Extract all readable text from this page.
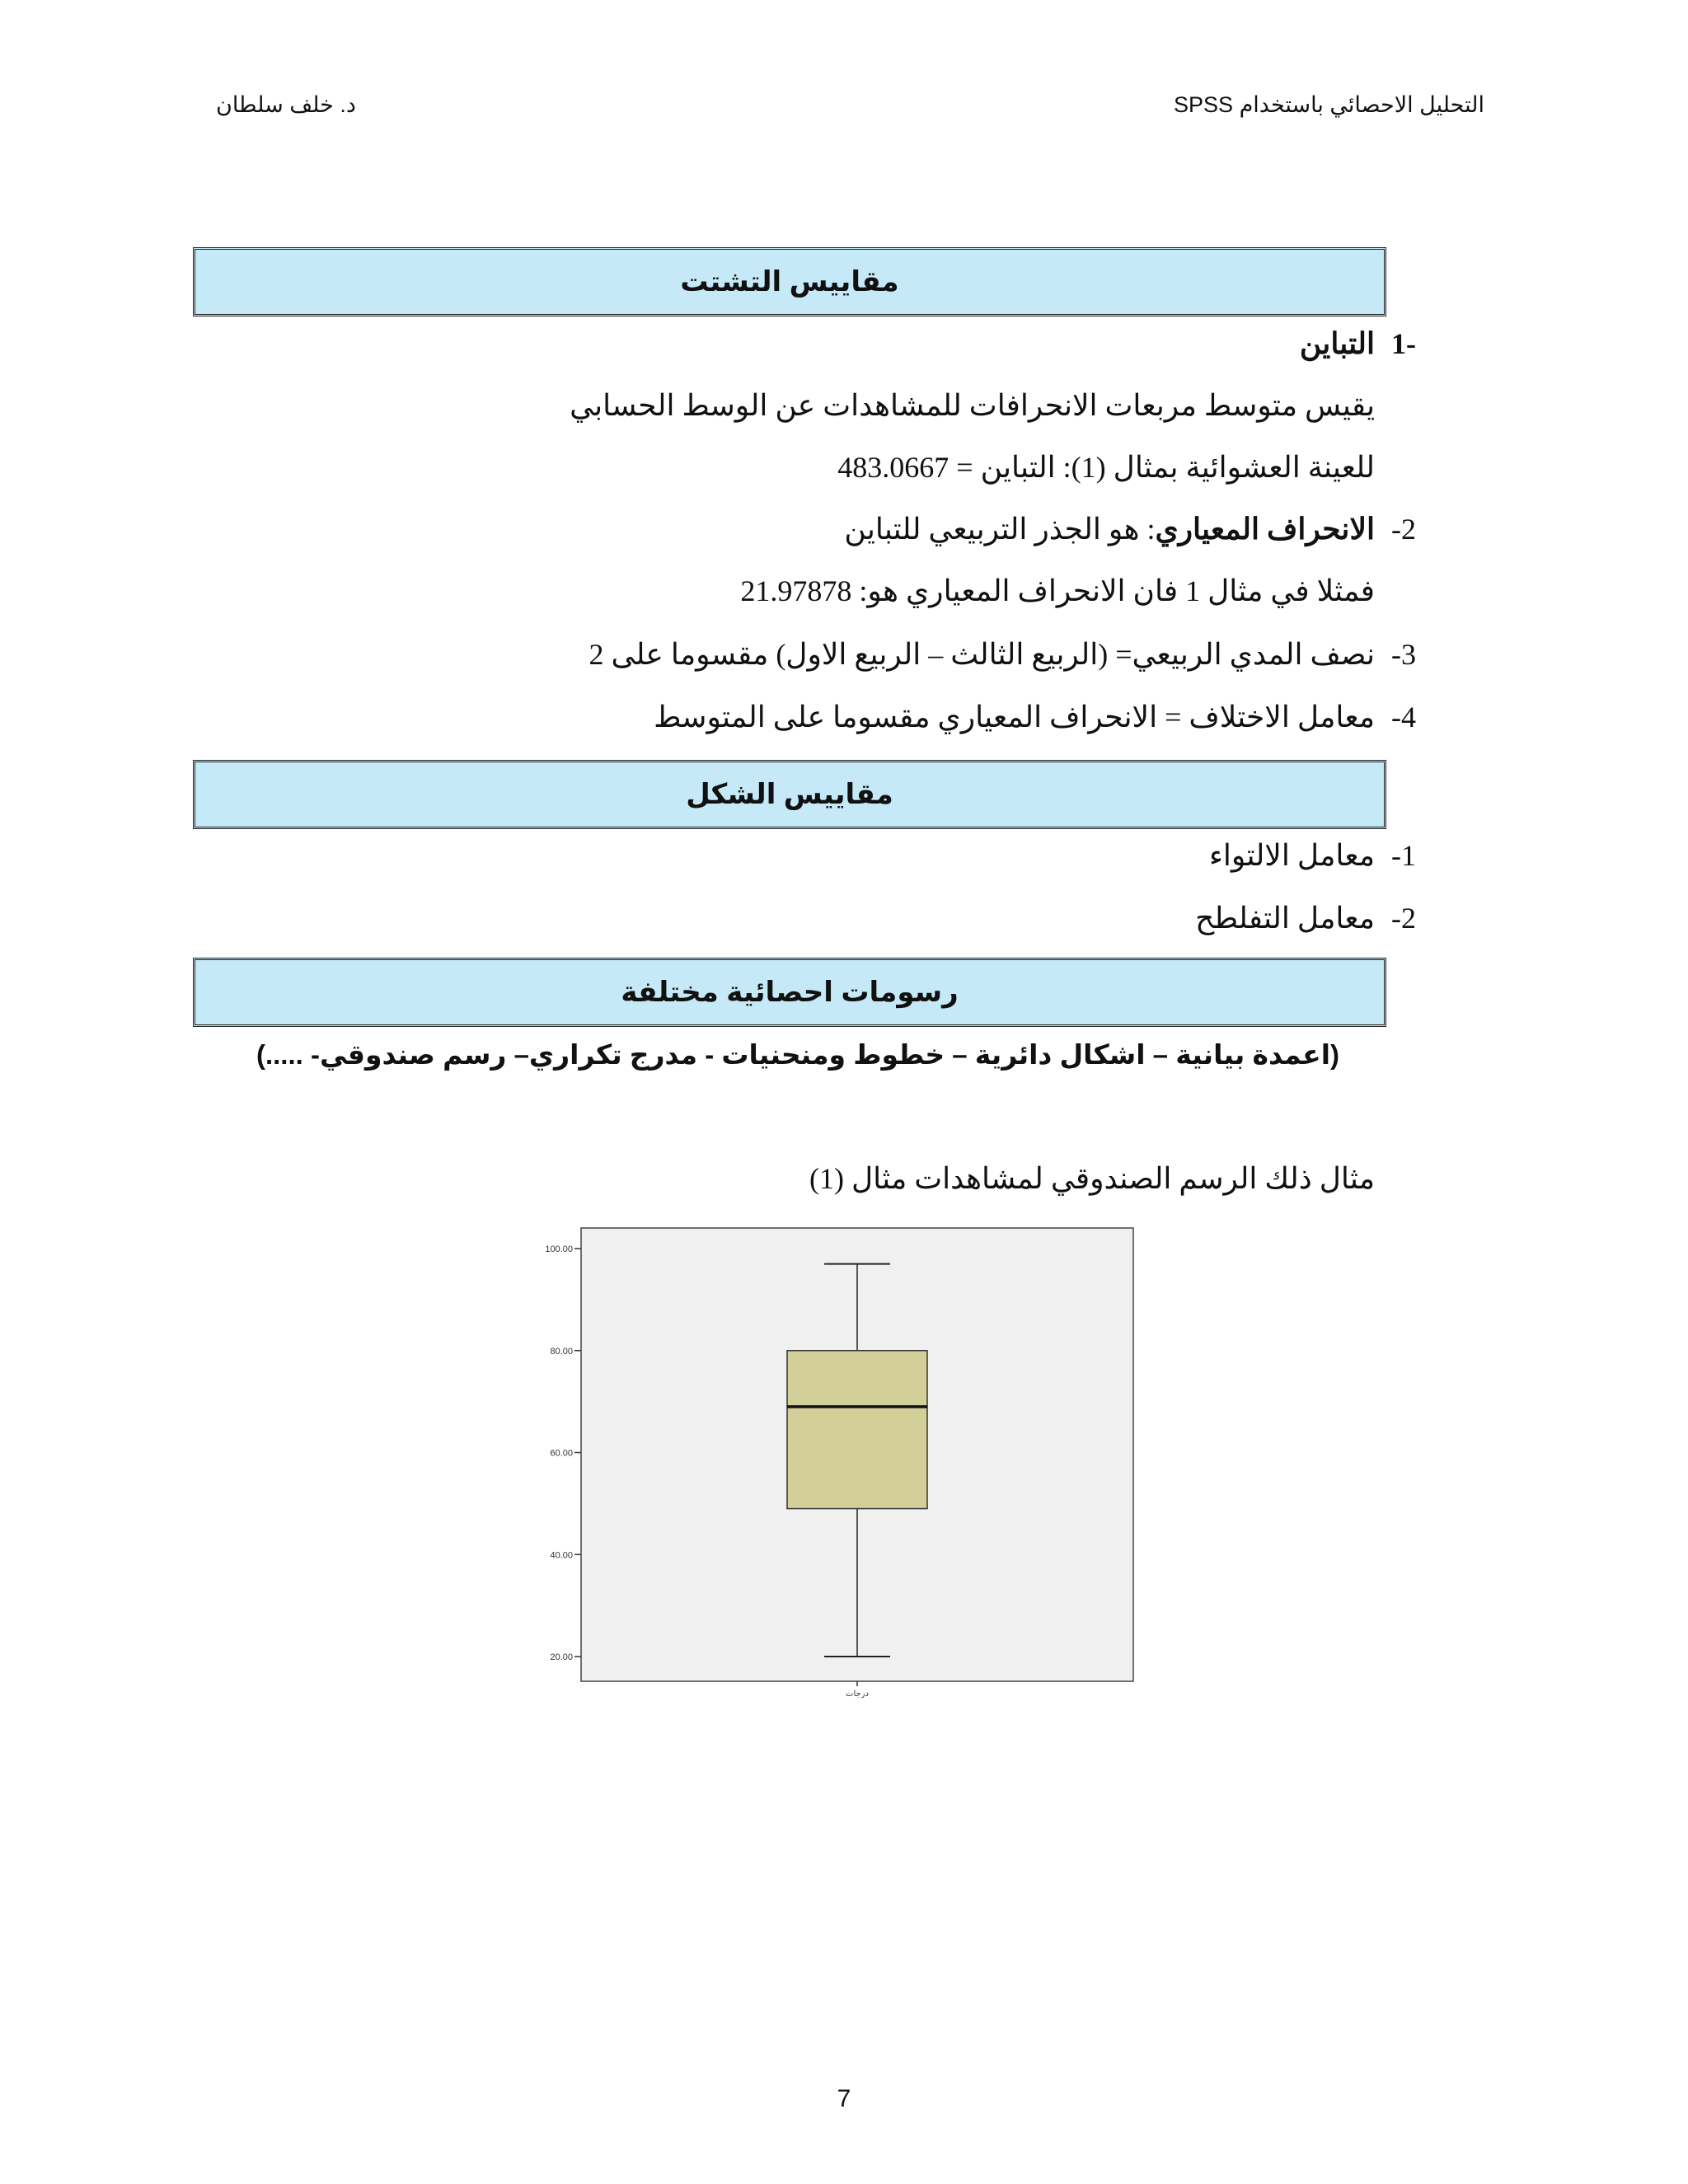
التحليل الاحصائي باستخدام SPSS
د. خلف سلطان
مقاييس التشتت
1-
التباين
يقيس متوسط مربعات الانحرافات للمشاهدات عن الوسط الحسابي
للعينة العشوائية بمثال (1): التباين = 483.0667
-2
الانحراف المعياري: هو الجذر التربيعي للتباين
فمثلا في مثال 1 فان الانحراف المعياري هو: 21.97878
-3
نصف المدي الربيعي= (الربيع الثالث – الربيع الاول) مقسوما على 2
-4
معامل الاختلاف = الانحراف المعياري مقسوما على المتوسط
مقاييس الشكل
-1
معامل الالتواء
-2
معامل التفلطح
رسومات احصائية مختلفة
(اعمدة بيانية – اشكال دائرية – خطوط ومنحنيات - مدرج تكراري– رسم صندوقي- .....)
مثال ذلك الرسم الصندوقي لمشاهدات مثال (1)
20.00
40.00
60.00
80.00
100.00
درجات
7
